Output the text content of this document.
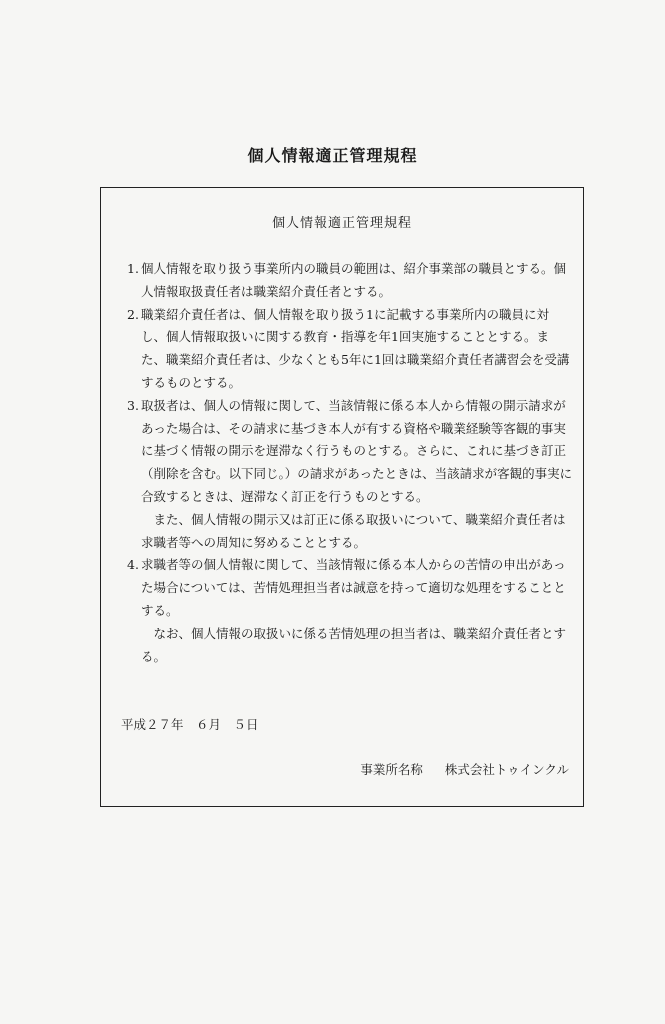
個人情報適正管理規程
個人情報適正管理規程
1. 個人情報を取り扱う事業所内の職員の範囲は、紹介事業部の職員とする。個人情報取扱責任者は職業紹介責任者とする。
2. 職業紹介責任者は、個人情報を取り扱う1に記載する事業所内の職員に対し、個人情報取扱いに関する教育・指導を年1回実施することとする。また、職業紹介責任者は、少なくとも5年に1回は職業紹介責任者講習会を受講するものとする。
3. 取扱者は、個人の情報に関して、当該情報に係る本人から情報の開示請求があった場合は、その請求に基づき本人が有する資格や職業経験等客観的事実に基づく情報の開示を遅滞なく行うものとする。さらに、これに基づき訂正（削除を含む。以下同じ。）の請求があったときは、当該請求が客観的事実に合致するときは、遅滞なく訂正を行うものとする。
また、個人情報の開示又は訂正に係る取扱いについて、職業紹介責任者は求職者等への周知に努めることとする。
4. 求職者等の個人情報に関して、当該情報に係る本人からの苦情の申出があった場合については、苦情処理担当者は誠意を持って適切な処理をすることとする。
なお、個人情報の取扱いに係る苦情処理の担当者は、職業紹介責任者とする。
平成２７年　６月　５日
事業所名称 株式会社トゥインクル
